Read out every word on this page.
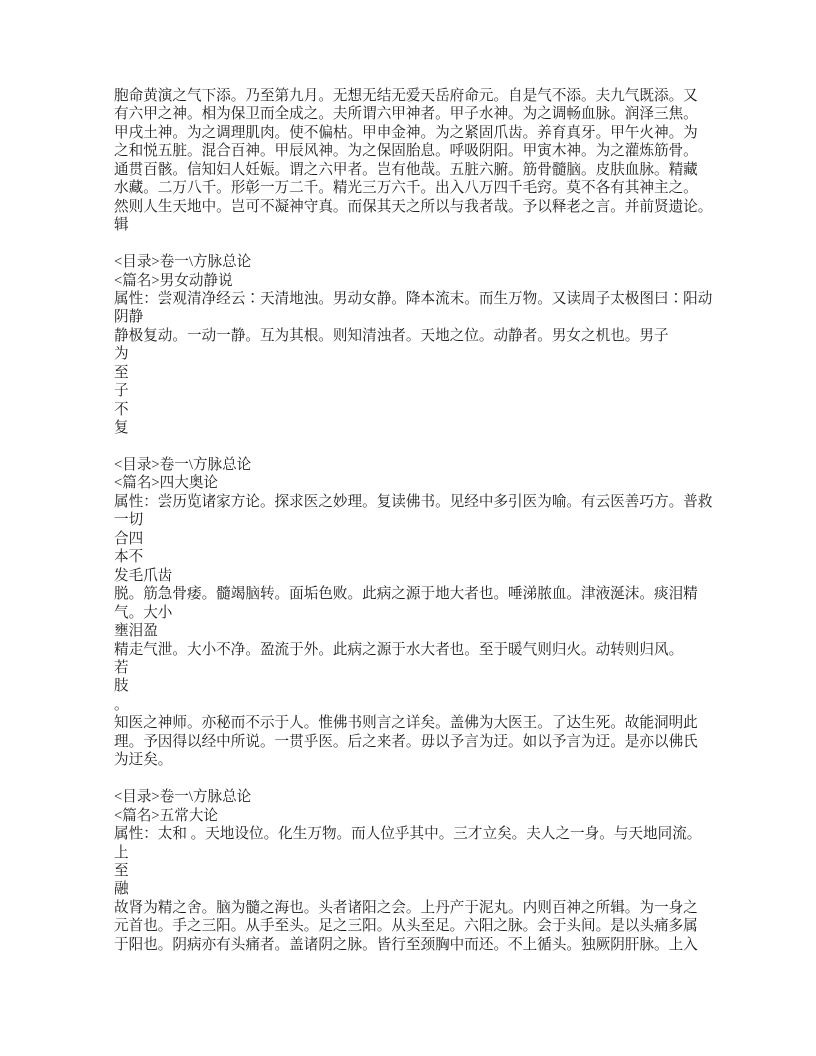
胞命黄演之气下添。乃至第九月。无想无结无爱天岳府命元。自是气不添。夫九气既添。又
有六甲之神。相为保卫而全成之。夫所谓六甲神者。甲子水神。为之调畅血脉。润泽三焦。
甲戌土神。为之调理肌肉。使不偏枯。甲申金神。为之紧固爪齿。养育真牙。甲午火神。为
之和悦五脏。混合百神。甲辰风神。为之保固胎息。呼吸阴阳。甲寅木神。为之灌炼筋骨。
通贯百骸。信知妇人妊娠。谓之六甲者。岂有他哉。五脏六腑。筋骨髓脑。皮肤血脉。精藏
水藏。二万八千。形彰一万二千。精光三万六千。出入八万四千毛窍。莫不各有其神主之。
然则人生天地中。岂可不凝神守真。而保其天之所以与我者哉。予以释老之言。并前贤遗论。
辑
<目录>卷一\方脉总论
<篇名>男女动静说
属性：尝观清净经云∶天清地浊。男动女静。降本流末。而生万物。又读周子太极图曰∶阳动
阴静
静极复动。一动一静。互为其根。则知清浊者。天地之位。动静者。男女之机也。男子
为
至
子
不
复
<目录>卷一\方脉总论
<篇名>四大奥论
属性：尝历览诸家方论。探求医之妙理。复读佛书。见经中多引医为喻。有云医善巧方。普救
一切
合四
本不
发毛爪齿
脱。筋急骨痿。髓竭脑转。面垢色败。此病之源于地大者也。唾涕脓血。津液涎沫。痰泪精
气。大小
壅泪盈
精走气泄。大小不净。盈流于外。此病之源于水大者也。至于暖气则归火。动转则归风。
若
肢
。
知医之神师。亦秘而不示于人。惟佛书则言之详矣。盖佛为大医王。了达生死。故能洞明此
理。予因得以经中所说。一贯乎医。后之来者。毋以予言为迂。如以予言为迂。是亦以佛氏
为迂矣。
<目录>卷一\方脉总论
<篇名>五常大论
属性：太和 。天地设位。化生万物。而人位乎其中。三才立矣。夫人之一身。与天地同流。
上
至
融
故肾为精之舍。脑为髓之海也。头者诸阳之会。上丹产于泥丸。内则百神之所辑。为一身之
元首也。手之三阳。从手至头。足之三阳。从头至足。六阳之脉。会于头间。是以头痛多属
于阳也。阴病亦有头痛者。盖诸阴之脉。皆行至颈胸中而还。不上循头。独厥阴肝脉。上入
